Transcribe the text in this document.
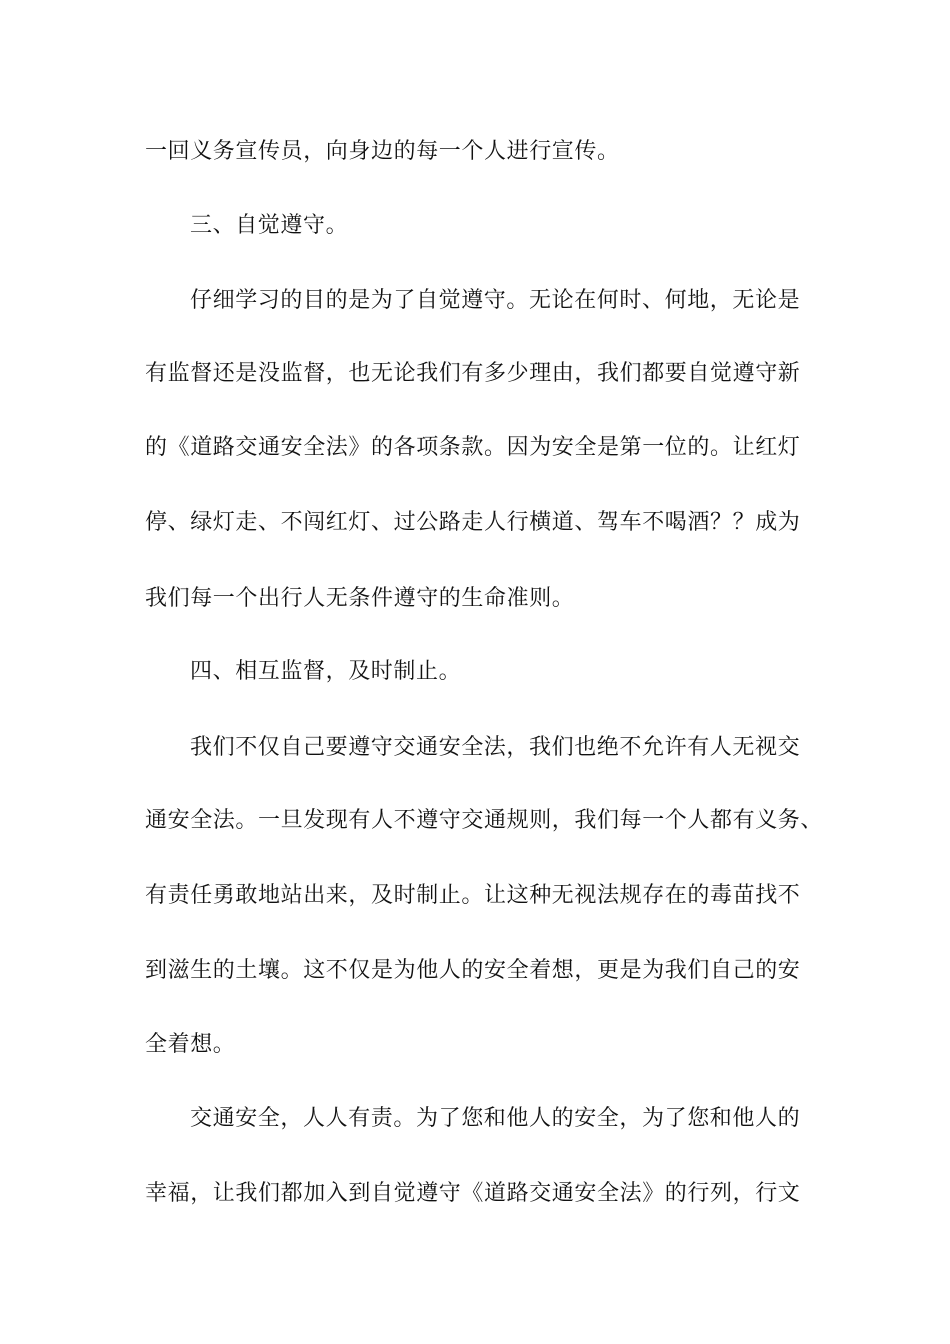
一回义务宣传员，向身边的每一个人进行宣传。
三、自觉遵守。
仔细学习的目的是为了自觉遵守。无论在何时、何地，无论是
有监督还是没监督，也无论我们有多少理由，我们都要自觉遵守新
的《道路交通安全法》的各项条款。因为安全是第一位的。让红灯
停、绿灯走、不闯红灯、过公路走人行横道、驾车不喝酒？？成为
我们每一个出行人无条件遵守的生命准则。
四、相互监督，及时制止。
我们不仅自己要遵守交通安全法，我们也绝不允许有人无视交
通安全法。一旦发现有人不遵守交通规则，我们每一个人都有义务、
有责任勇敢地站出来，及时制止。让这种无视法规存在的毒苗找不
到滋生的土壤。这不仅是为他人的安全着想，更是为我们自己的安
全着想。
交通安全，人人有责。为了您和他人的安全，为了您和他人的
幸福，让我们都加入到自觉遵守《道路交通安全法》的行列，行文
